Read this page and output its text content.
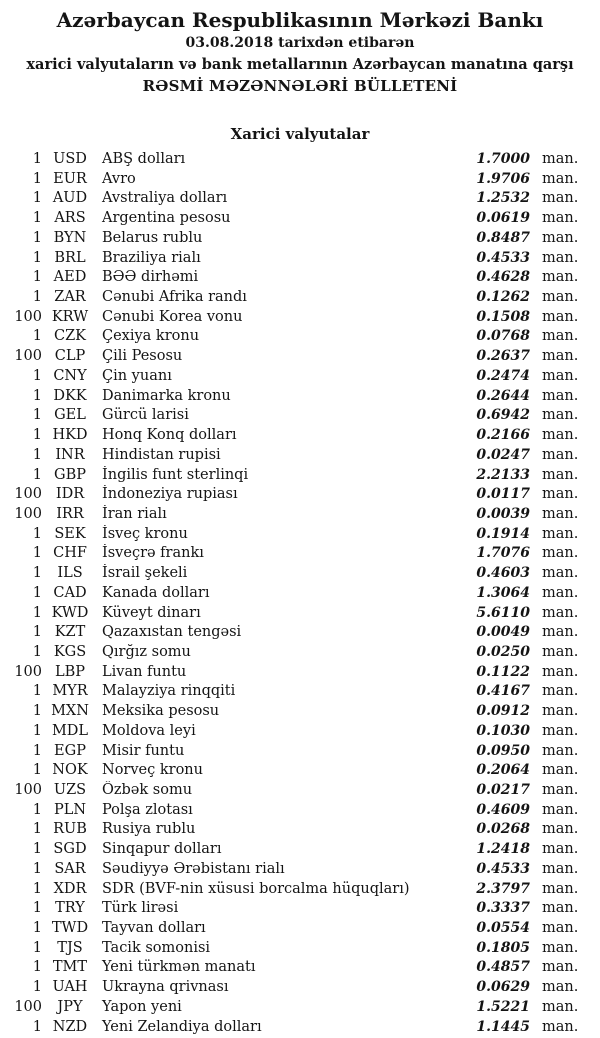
Azərbaycan Respublikasının Mərkəzi Bankı
03.08.2018 tarixdən etibarən
xarici valyutaların və bank metallarının Azərbaycan manatına qarşı
RƏSMİ MƏZƏNNƏLƏRİ BÜLLETENİ
Xarici valyutalar
1 USD	ABŞ dolları	1.7000 man.
1 EUR	Avro	1.9706 man.
1 AUD	Avstraliya dolları	1.2532 man.
1 ARS	Argentina pesosu	0.0619 man.
1 BYN	Belarus rublu	0.8487 man.
1 BRL	Braziliya rialı	0.4533 man.
1 AED	BƏƏ dirhəmi	0.4628 man.
1 ZAR	Cənubi Afrika randı	0.1262 man.
100 KRW Cənubi Korea vonu	0.1508 man.
1 CZK	Çexiya kronu	0.0768 man.
100 CLP	Çili Pesosu	0.2637 man.
1 CNY	Çin yuanı	0.2474 man.
1 DKK	Danimarka kronu	0.2644 man.
1 GEL	Gürcü larisi	0.6942 man.
1 HKD Honq Konq dolları	0.2166 man.
1 INR	Hindistan rupisi	0.0247 man.
1 GBP	İngilis funt sterlinqi	2.2133 man.
100 IDR	İndoneziya rupiası	0.0117 man.
100 IRR	İran rialı	0.0039 man.
1 SEK	İsveç kronu	0.1914 man.
1 CHF	İsveçrə frankı	1.7076 man.
1	ILS	İsrail şekeli	0.4603 man.
1 CAD	Kanada dolları	1.3064 man.
1 KWD Küveyt dinarı	5.6110 man.
1 KZT	Qazaxıstan tengəsi	0.0049 man.
1 KGS	Qırğız somu	0.0250 man.
100 LBP	Livan funtu	0.1122 man.
1 MYR Malayziya rinqqiti	0.4167 man.
1 MXN Meksika pesosu	0.0912 man.
1 MDL Moldova leyi	0.1030 man.
1 EGP	Misir funtu	0.0950 man.
1 NOK Norveç kronu	0.2064 man.
100 UZS	Özbək somu	0.0217 man.
1 PLN	Polşa zlotası	0.4609 man.
1 RUB	Rusiya rublu	0.0268 man.
1 SGD	Sinqapur dolları	1.2418 man.
1 SAR	Səudiyyə Ərəbistanı rialı	0.4533 man.
1 XDR	SDR (BVF-nin xüsusi borcalma hüquqları)	2.3797 man.
1 TRY	Türk lirəsi	0.3337 man.
1 TWD Tayvan dolları	0.0554 man.
1	TJS	Tacik somonisi	0.1805 man.
1 TMT	Yeni türkmən manatı	0.4857 man.
1 UAH	Ukrayna qrivnası	0.0629 man.
100	JPY	Yapon yeni	1.5221 man.
1 NZD	Yeni Zelandiya dolları	1.1445 man.
